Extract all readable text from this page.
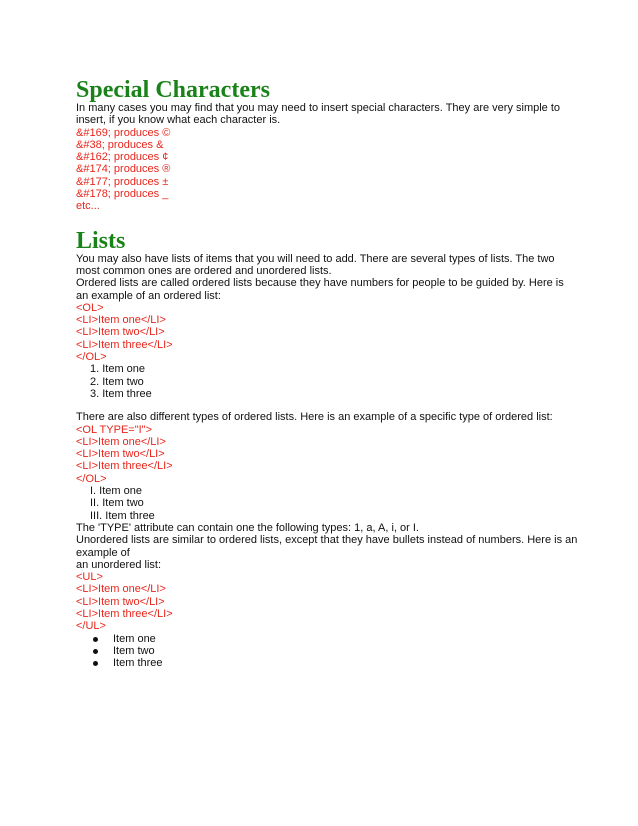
Special Characters
In many cases you may find that you may need to insert special characters. They are very simple to insert, if you know what each character is.
&#169; produces ©
&#38; produces &
&#162; produces ¢
&#174; produces ®
&#177; produces ±
&#178; produces _
etc...
Lists
You may also have lists of items that you will need to add. There are several types of lists. The two most common ones are ordered and unordered lists.
Ordered lists are called ordered lists because they have numbers for people to be guided by. Here is an example of an ordered list:
<OL>
<LI>Item one</LI>
<LI>Item two</LI>
<LI>Item three</LI>
</OL>
1. Item one
2. Item two
3. Item three
There are also different types of ordered lists. Here is an example of a specific type of ordered list:
<OL TYPE="I">
<LI>Item one</LI>
<LI>Item two</LI>
<LI>Item three</LI>
</OL>
I. Item one
II. Item two
III. Item three
The 'TYPE' attribute can contain one the following types: 1, a, A, i, or I.
Unordered lists are similar to ordered lists, except that they have bullets instead of numbers. Here is an
example of
an unordered list:
<UL>
<LI>Item one</LI>
<LI>Item two</LI>
<LI>Item three</LI>
</UL>
Item one
Item two
Item three
